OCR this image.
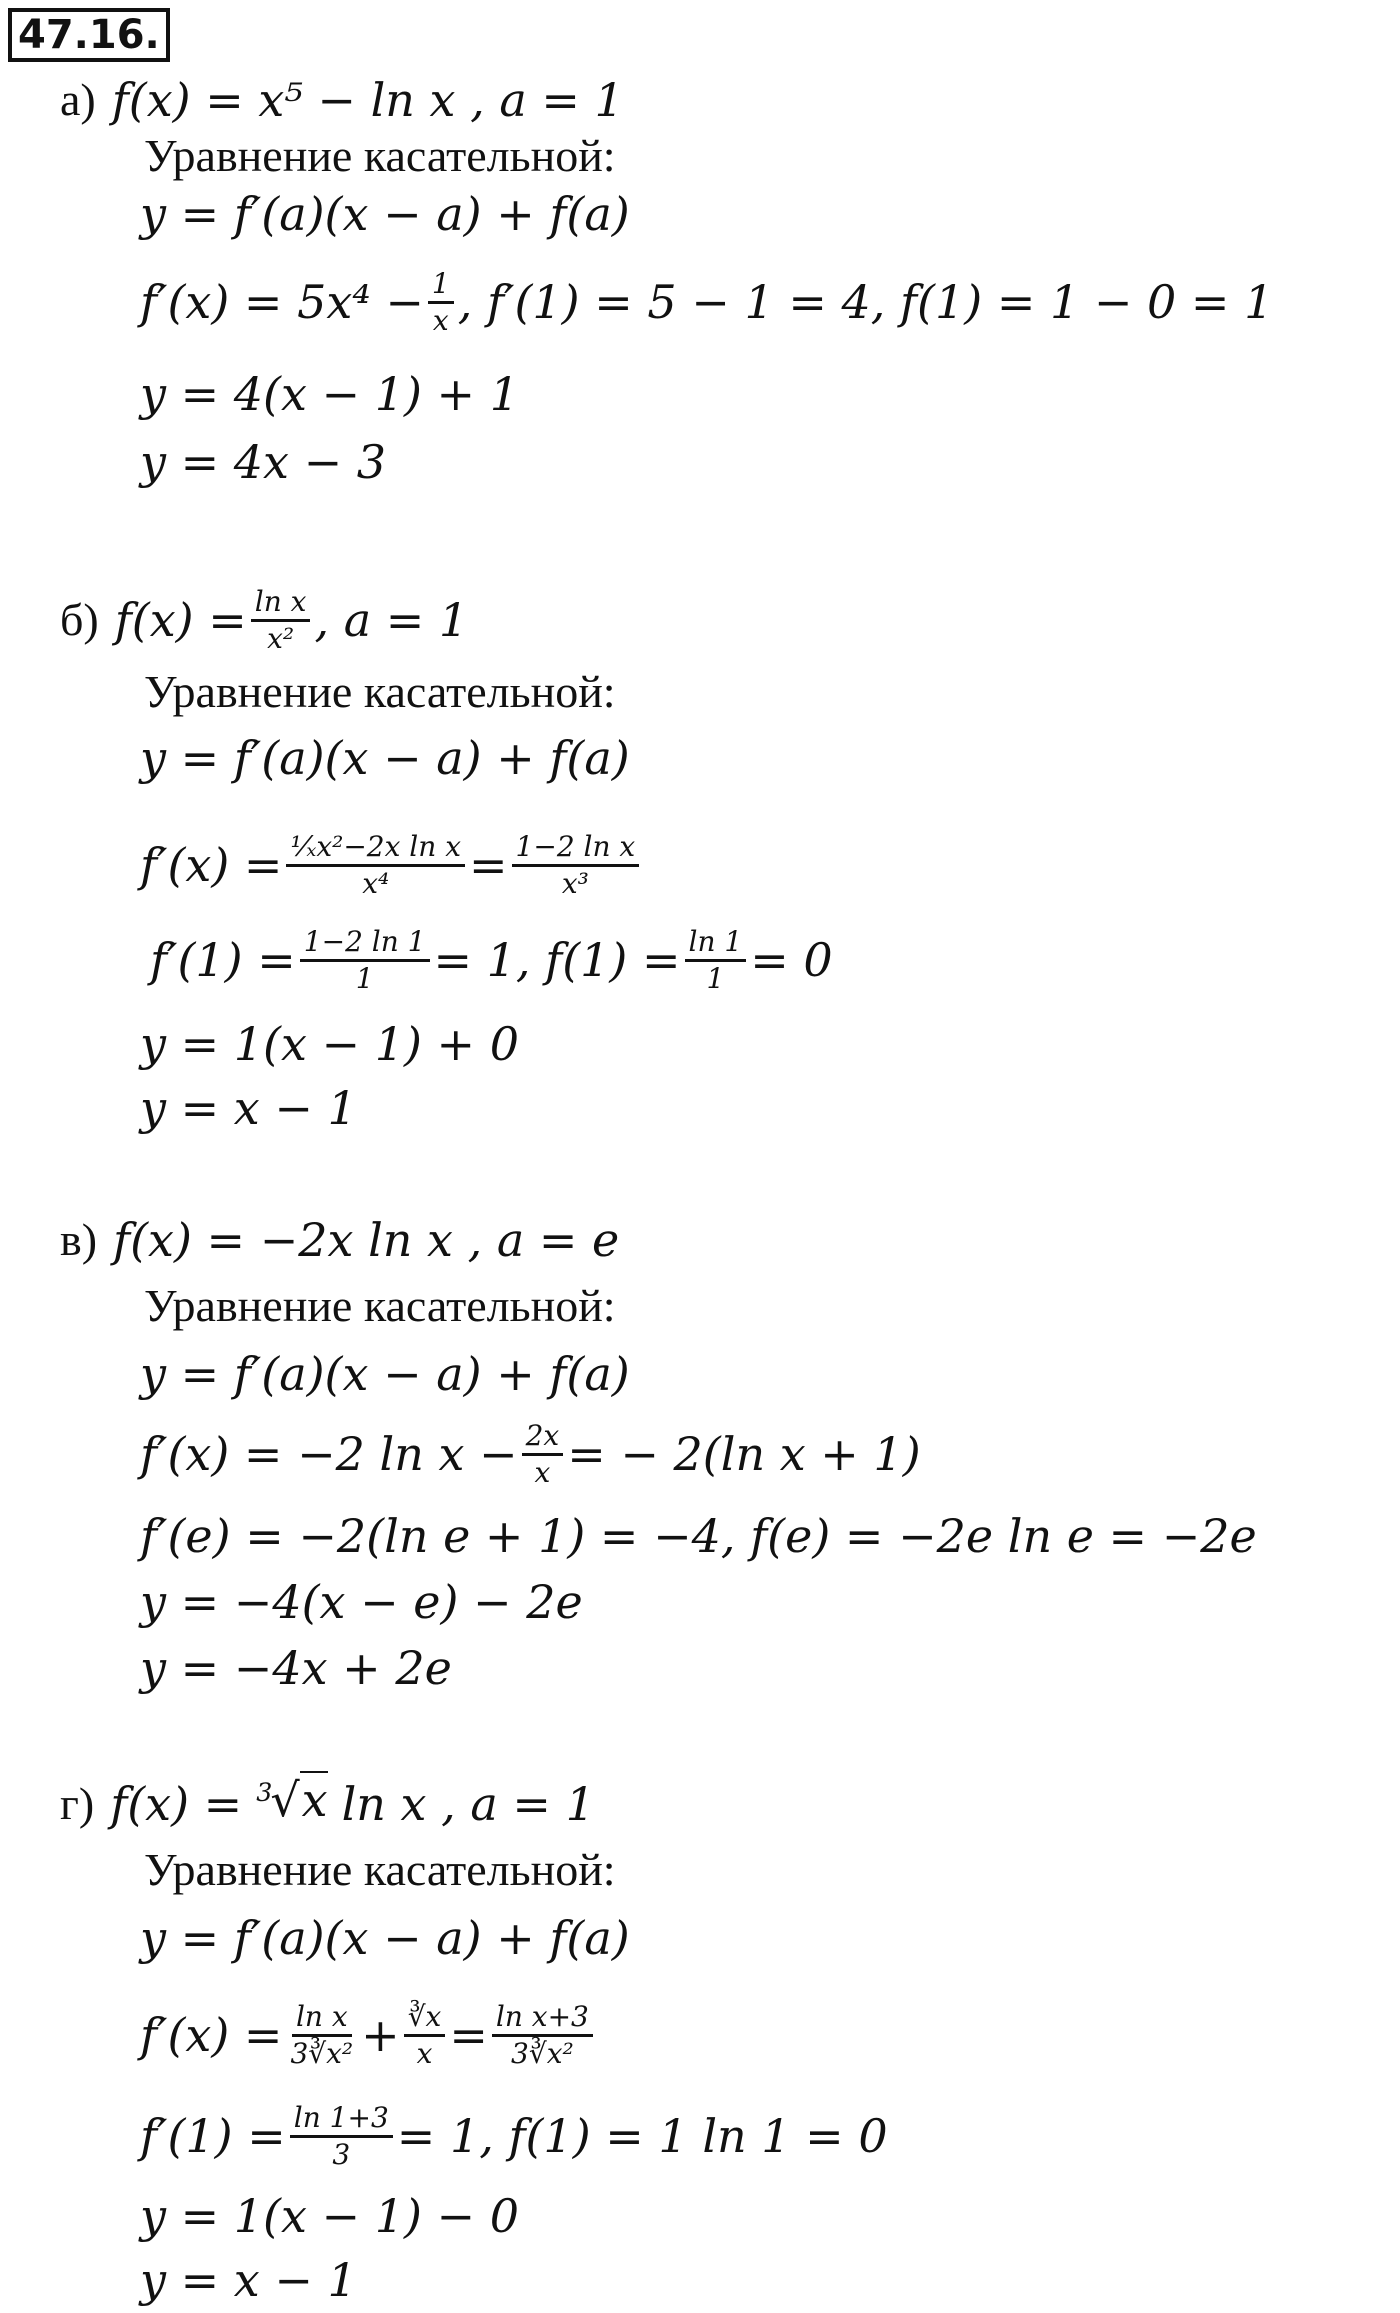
47.16.
а) f(x) = x⁵ − ln x , a = 1
Уравнение касательной:
y = f′(a)(x − a) + f(a)
$f'(x) = 5x^4 - \frac{1}{x}$ , f′(1) = 5 − 1 = 4, f(1) = 1 − 0 = 1
y = 4(x − 1) + 1
y = 4x − 3
б) $f(x) = \frac{\text{ln x}}{\text{x²}}$ , a = 1
Уравнение касательной:
y = f′(a)(x − a) + f(a)
$f'(x) = \frac{\text{¹⁄ₓx²−2x ln x}}{\text{x⁴}} = \frac{\text{1−2 ln x}}{\text{x³}}$
$f'(1) = \frac{1-2 \ln 1}{1} = 1$, $f(1) = \frac{\ln 1}{1} = 0$
y = 1(x − 1) + 0
y = x − 1
в) f(x) = −2x ln x , a = e
Уравнение касательной:
y = f′(a)(x − a) + f(a)
f′(x) = −2 $\ln x - \frac{2x}{x}$ = − 2(ln x + 1)
f′(e) = −2(ln e + 1) = −4, f(e) = −2e ln e = −2e
y = −4(x − e) − 2e
y = −4x + 2e
г) f(x) = $^3$√x ln x , a = 1
Уравнение касательной:
y = f′(a)(x − a) + f(a)
$f'(x) = \frac{\text{ln x}}{\text{3∛x²}} + \frac{∛x}{x} = \frac{\text{ln x+3}}{\text{3∛x²}}$
$f'(1) = \frac{\ln 1+3}{3} = 1$, f(1) = 1 ln 1 = 0
y = 1(x − 1) − 0
y = x − 1
